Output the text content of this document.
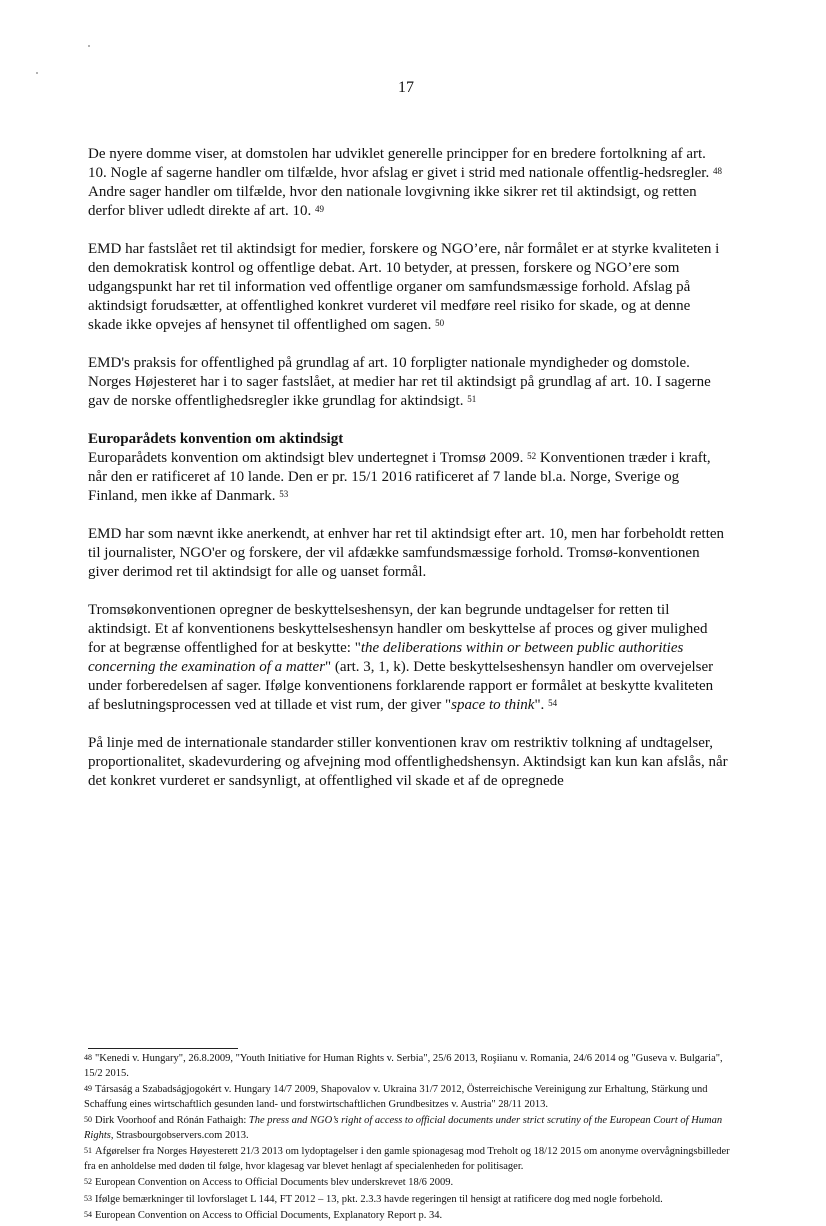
17

De nyere domme viser, at domstolen har udviklet generelle principper for en bredere fortolkning af art. 10. Nogle af sagerne handler om tilfælde, hvor afslag er givet i strid med nationale offentlig-hedsregler. $^{48}$ Andre sager handler om tilfælde, hvor den nationale lovgivning ikke sikrer ret til aktindsigt, og retten derfor bliver udledt direkte af art. 10. $^{49}$

EMD har fastslået ret til aktindsigt for medier, forskere og NGO’ere, når formålet er at styrke kvaliteten i den demokratisk kontrol og offentlige debat. Art. 10 betyder, at pressen, forskere og NGO’ere som udgangspunkt har ret til information ved offentlige organer om samfundsmæssige forhold. Afslag på aktindsigt forudsætter, at offentlighed konkret vurderet vil medføre reel risiko for skade, og at denne skade ikke opvejes af hensynet til offentlighed om sagen. $^{50}$

EMD's praksis for offentlighed på grundlag af art. 10 forpligter nationale myndigheder og domstole. Norges Højesteret har i to sager fastslået, at medier har ret til aktindsigt på grundlag af art. 10. I sagerne gav de norske offentlighedsregler ikke grundlag for aktindsigt. $^{51}$

Europarådets konvention om aktindsigt

Europarådets konvention om aktindsigt blev undertegnet i Tromsø 2009. $^{52}$ Konventionen træder i kraft, når den er ratificeret af 10 lande. Den er pr. 15/1 2016 ratificeret af 7 lande bl.a. Norge, Sverige og Finland, men ikke af Danmark. $^{53}$

EMD har som nævnt ikke anerkendt, at enhver har ret til aktindsigt efter art. 10, men har forbeholdt retten til journalister, NGO'er og forskere, der vil afdække samfundsmæssige forhold. Tromsø-konventionen giver derimod ret til aktindsigt for alle og uanset formål.

Tromsøkonventionen opregner de beskyttelseshensyn, der kan begrunde undtagelser for retten til aktindsigt. Et af konventionens beskyttelseshensyn handler om beskyttelse af proces og giver mulighed for at begrænse offentlighed for at beskytte: "the deliberations within or between public authorities concerning the examination of a matter" (art. 3, 1, k). Dette beskyttelseshensyn handler om overvejelser under forberedelsen af sager. Ifølge konventionens forklarende rapport er formålet at beskytte kvaliteten af beslutningsprocessen ved at tillade et vist rum, der giver "space to think". $^{54}$

På linje med de internationale standarder stiller konventionen krav om restriktiv tolkning af undtagelser, proportionalitet, skadevurdering og afvejning mod offentlighedshensyn. Aktindsigt kan kun kan afslås, når det konkret vurderet er sandsynligt, at offentlighed vil skade et af de opregnede

$^{48}$ "Kenedi v. Hungary", 26.8.2009, "Youth Initiative for Human Rights v. Serbia", 25/6 2013, Roşiianu v. Romania, 24/6 2014 og "Guseva v. Bulgaria", 15/2 2015.

$^{49}$ Társaság a Szabadságjogokért v. Hungary 14/7 2009, Shapovalov v. Ukraina 31/7 2012, Österreichische Vereinigung zur Erhaltung, Stärkung und Schaffung eines wirtschaftlich gesunden land- und forstwirtschaftlichen Grundbesitzes v. Austria" 28/11 2013.

$^{50}$ Dirk Voorhoof and Rónán Fathaigh: The press and NGO’s right of access to official documents under strict scrutiny of the European Court of Human Rights, Strasbourgobservers.com 2013.

$^{51}$ Afgørelser fra Norges Høyesterett 21/3 2013 om lydoptagelser i den gamle spionagesag mod Treholt og 18/12 2015 om anonyme overvågningsbilleder fra en anholdelse med døden til følge, hvor klagesag var blevet henlagt af specialenheden for politisager.

$^{52}$ European Convention on Access to Official Documents blev underskrevet 18/6 2009.

$^{53}$ Ifølge bemærkninger til lovforslaget L 144, FT 2012 – 13, pkt. 2.3.3 havde regeringen til hensigt at ratificere dog med nogle forbehold.

$^{54}$ European Convention on Access to Official Documents, Explanatory Report p. 34.
